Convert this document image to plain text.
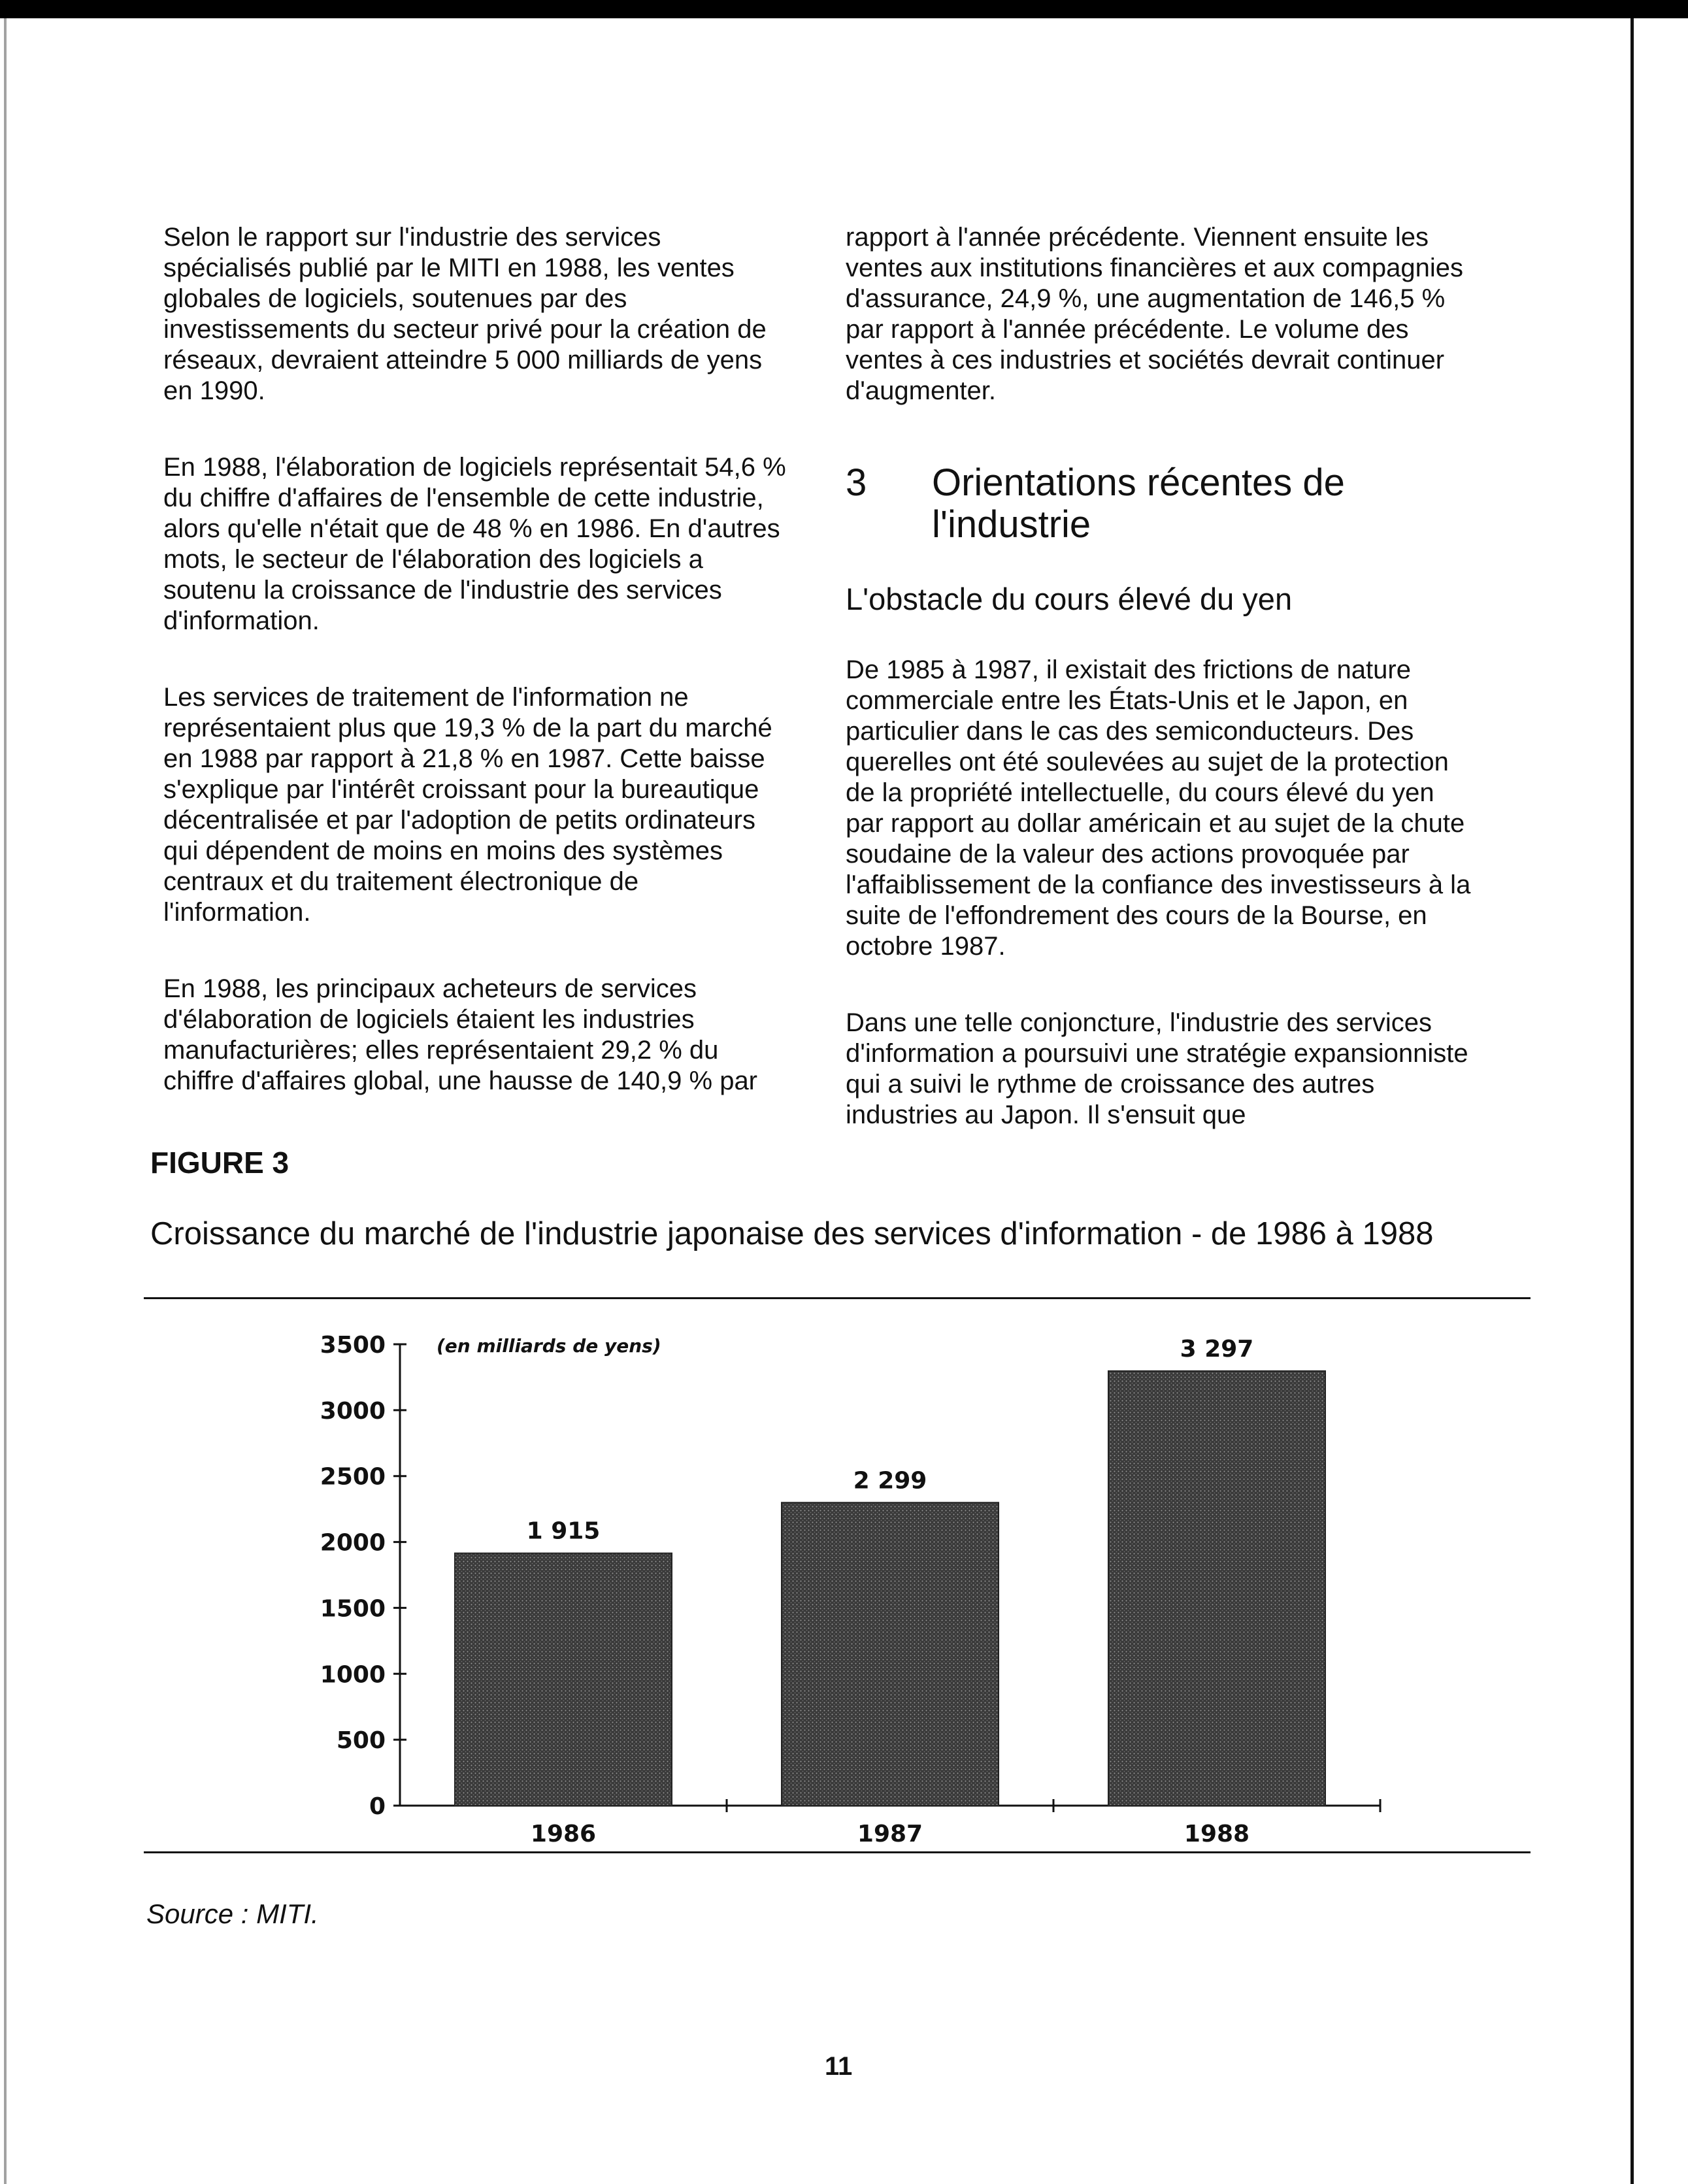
Selon le rapport sur l'industrie des services spécialisés publié par le MITI en 1988, les ventes globales de logiciels, soutenues par des investissements du secteur privé pour la création de réseaux, devraient atteindre 5 000 milliards de yens en 1990.

En 1988, l'élaboration de logiciels représentait 54,6 % du chiffre d'affaires de l'ensemble de cette industrie, alors qu'elle n'était que de 48 % en 1986. En d'autres mots, le secteur de l'élaboration des logiciels a soutenu la croissance de l'industrie des services d'information.

Les services de traitement de l'information ne représentaient plus que 19,3 % de la part du marché en 1988 par rapport à 21,8 % en 1987. Cette baisse s'explique par l'intérêt croissant pour la bureautique décentralisée et par l'adoption de petits ordinateurs qui dépendent de moins en moins des systèmes centraux et du traitement électronique de l'information.

En 1988, les principaux acheteurs de services d'élaboration de logiciels étaient les industries manufacturières; elles représentaient 29,2 % du chiffre d'affaires global, une hausse de 140,9 % par

rapport à l'année précédente. Viennent ensuite les ventes aux institutions financières et aux compagnies d'assurance, 24,9 %, une augmentation de 146,5 % par rapport à l'année précédente. Le volume des ventes à ces industries et sociétés devrait continuer d'augmenter.

3	Orientations récentes de l'industrie
L'obstacle du cours élevé du yen

De 1985 à 1987, il existait des frictions de nature commerciale entre les États-Unis et le Japon, en particulier dans le cas des semiconducteurs. Des querelles ont été soulevées au sujet de la protection de la propriété intellectuelle, du cours élevé du yen par rapport au dollar américain et au sujet de la chute soudaine de la valeur des actions provoquée par l'affaiblissement de la confiance des investisseurs à la suite de l'effondrement des cours de la Bourse, en octobre 1987.

Dans une telle conjoncture, l'industrie des services d'information a poursuivi une stratégie expansionniste qui a suivi le rythme de croissance des autres industries au Japon. Il s'ensuit que

FIGURE 3
Croissance du marché de l'industrie japonaise des services d'information - de 1986 à 1988
0
500
1000
1500
2000
2500
3000
3500	(en milliards de yens)
1 915
1986
2 299
1987
3 297
1988
Source : MITI.
11
